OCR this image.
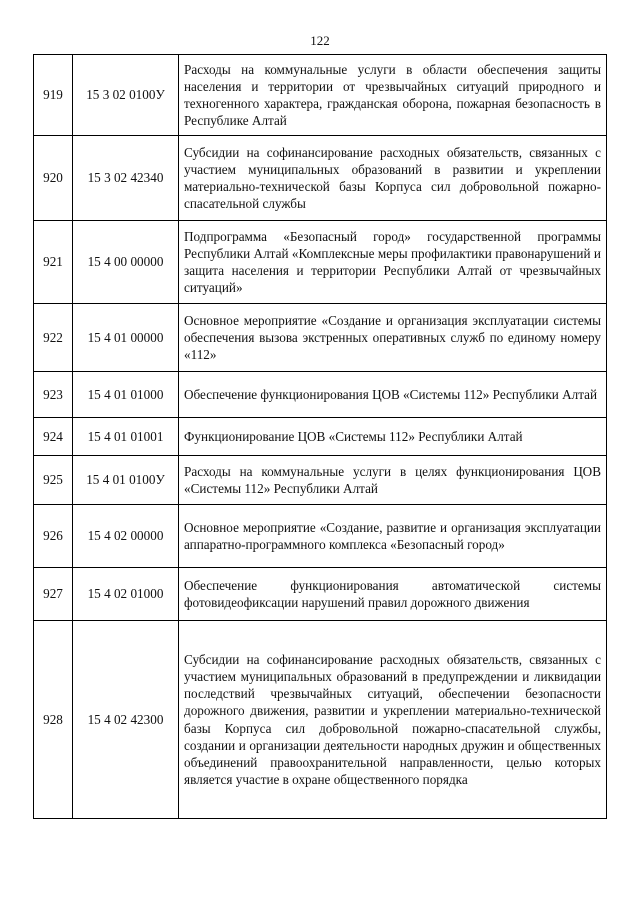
122
919	15 3 02 0100У	Расходы на коммунальные услуги в области обеспечения защиты населения и территории от чрезвычайных ситуаций природного и техногенного характера, гражданская оборона, пожарная безопасность в Республике Алтай
920	15 3 02 42340	Субсидии на софинансирование расходных обязательств, связанных с участием муниципальных образований в развитии и укреплении материально-технической базы Корпуса сил добровольной пожарно-спасательной службы
921	15 4 00 00000	Подпрограмма «Безопасный город» государственной программы Республики Алтай «Комплексные меры профилактики правонарушений и защита населения и территории Республики Алтай от чрезвычайных ситуаций»
922	15 4 01 00000	Основное мероприятие «Создание и организация эксплуатации системы обеспечения вызова экстренных оперативных служб по единому номеру «112»
923	15 4 01 01000	Обеспечение функционирования ЦОВ «Системы 112» Республики Алтай
924	15 4 01 01001	Функционирование ЦОВ «Системы 112» Республики Алтай
925	15 4 01 0100У	Расходы на коммунальные услуги в целях функционирования ЦОВ «Системы 112» Республики Алтай
926	15 4 02 00000	Основное мероприятие «Создание, развитие и организация эксплуатации аппаратно-программного комплекса «Безопасный город»
927	15 4 02 01000	Обеспечение функционирования автоматической системы фотовидеофиксации нарушений правил дорожного движения
928	15 4 02 42300	Субсидии на софинансирование расходных обязательств, связанных с участием муниципальных образований в предупреждении и ликвидации последствий чрезвычайных ситуаций, обеспечении безопасности дорожного движения, развитии и укреплении материально-технической базы Корпуса сил добровольной пожарно-спасательной службы, создании и организации деятельности народных дружин и общественных объединений правоохранительной направленности, целью которых является участие в охране общественного порядка
